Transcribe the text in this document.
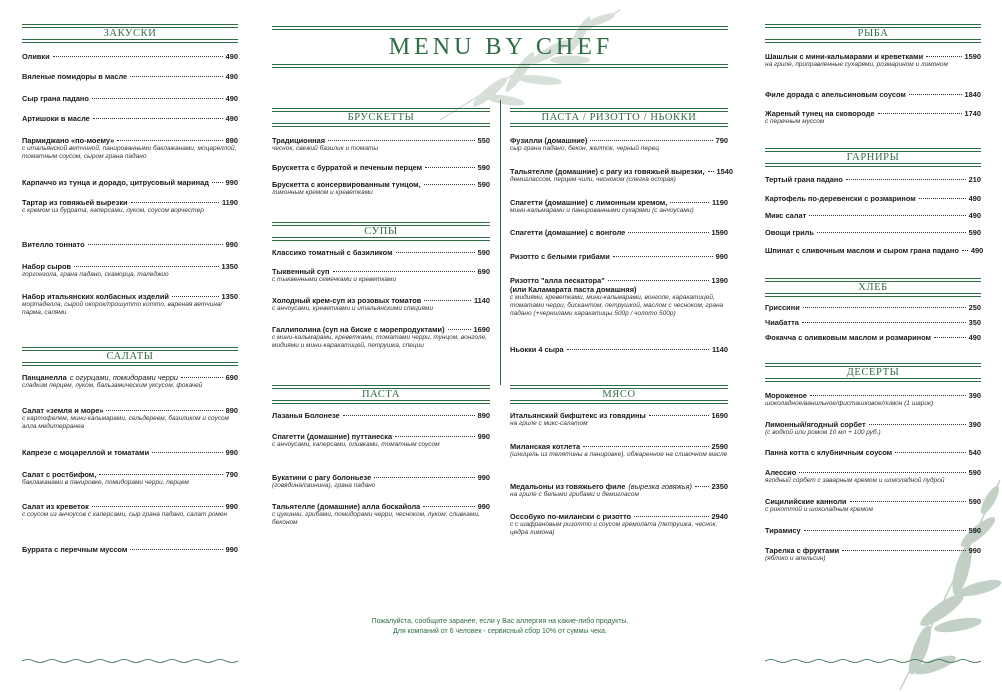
MENU BY CHEF
ЗАКУСКИ
Оливки	490
Вяленые помидоры в масле	490
Сыр грана падано	490
Артишоки в масле	490
Пармиджано «по-моему»	890
с итальянской ветчиной, панированными баклажанами, моцареллой, томатным соусом, сыром грана падано
Карпаччо из тунца и дорадо, цитрусовый маринад 990
Тартар из говяжьей вырезки	1190
с кремом из буррата, каперсами, луком, соусом ворчестер
Вителло тоннато	990
Набор сыров	1350
горгонзола, грана падано, скаморца, таледжио
Набор итальянских колбасных изделий	1350
мортаделла, сырой окорок/прошутто котто, вареная ветчина/парма, салями
САЛАТЫ
Панцанелла с огурцами, помидорами черри	690
сладким перцем, луком, бальзамическим уксусом, фокачей
Салат «земля и море»	890
с картофелем, мини-кальмарами, сельдереем, базиликом и соусом алла медитерранеа
Капрезе с моцареллой и томатами	990
Салат с ростбифом,	790
баклажанами в панировке, помидорами черри, перцем
Салат из креветок	990
с соусом из анчоусов с каперсами, сыр грана падано, салат ромен
Буррата с перечным муссом	990
БРУСКЕТТЫ
Традиционная	550
чеснок, свежий базилик и томаты
Брускетта с бурратой и печеным перцем	590
Брускетта с консервированным тунцом,	590
лимонным кремом и креветками
СУПЫ
Классико томатный с базиликом	590
Тыквенный суп	690
с тыквенными семечками и креветками
Холодный крем-суп из розовых томатов	1140
с анчоусами, креветками и итальянскими специями
Галлиполина (суп на биске с морепродуктами)	1690
с мини-кальмарами, креветками, томатами черри, тунцом, вонголе, мидиями и мини-каракатицей, петрушка, специи
ПАСТА
Лазанья Болонезе	890
Спагетти (домашние) путтанеска	990
с анчоусами, каперсами, оливками, томатным соусом
Букатини с рагу болоньезе	990
(говядина/свинина), грана падано
Тальятелле (домашние) алла боскайола	990
с цукинни, грибами, помидорами черри, чесноком, луком, сливками, беконом
ПАСТА / РИЗОТТО / НЬОККИ
Фузилли (домашние)	790
сыр грана падано, бекон, желток, черный перец
Тальятелле (домашние) с рагу из говяжьей вырезки, 1540
демиглассом, перцем чили, чесноком (слегка острая)
Спагетти (домашние) с лимонным кремом,	1190
мини-кальмарами и панированными сухарями (с анчоусами)
Спагетти (домашние) с вонголе	1590
Ризотто с белыми грибами	990
Ризотто "алла пескатора"	1390
(или Каламарата паста домашняя)
с мидиями, креветками, мини-кальмарами, вонголе, каракатицей, томатами черри, бискантом, петрушкой, маслом с чесноком, грана падано (+чернилами каракатицы 500р / чолото 500р)
Ньокки 4 сыра	1140
МЯСО
Итальянский бифштекс из говядины	1690
на гриле с микс-салатом
Миланская котлета	2590
(шницель из телятины в панировке), обжаренное на сливочном масле
Медальоны из говяжьего филе (вырезка говяжья)	2350
на гриле с белыми грибами и демигласом
Оссобуко по-милански с ризотто	2940
с с шафрановым ризотто и соусом гремолата (петрушка, чеснок, цедра лимона)
РЫБА
Шашлык с мини-кальмарами и креветками	1590
на гриле, приправленные сухарями, розмарином и лимоном
Филе дорада с апельсиновым соусом	1840
Жареный тунец на сковороде	1740
с перечным муссом
ГАРНИРЫ
Тертый грана падано	210
Картофель по-деревенски с розмарином	490
Микс салат	490
Овощи гриль	590
Шпинат с сливочным маслом и сыром грана падано 490
ХЛЕБ
Гриссини	250
Чиабатта	350
Фокачча с оливковым маслом и розмарином	490
ДЕСЕРТЫ
Мороженое	390
шоколадное/ванильное/фисташковое/лимон (1 шарик)
Лимонный/ягодный сорбет	390
(с водкой или ромом 10 мл + 100 руб.)
Панна котта с клубничным соусом	540
Алессио	590
ягодный сорбет с заварным кремом и шоколадной пудрой
Сицилийские канноли	590
с рикоттой и шоколадным кремом
Тирамису	590
Тарелка с фруктами	990
(яблоко и апельсин)
Пожалуйста, сообщите заранее, если у Вас аллергия на какие-либо продукты.
Для компаний от 6 человек - сервисный сбор 10% от суммы чека.
